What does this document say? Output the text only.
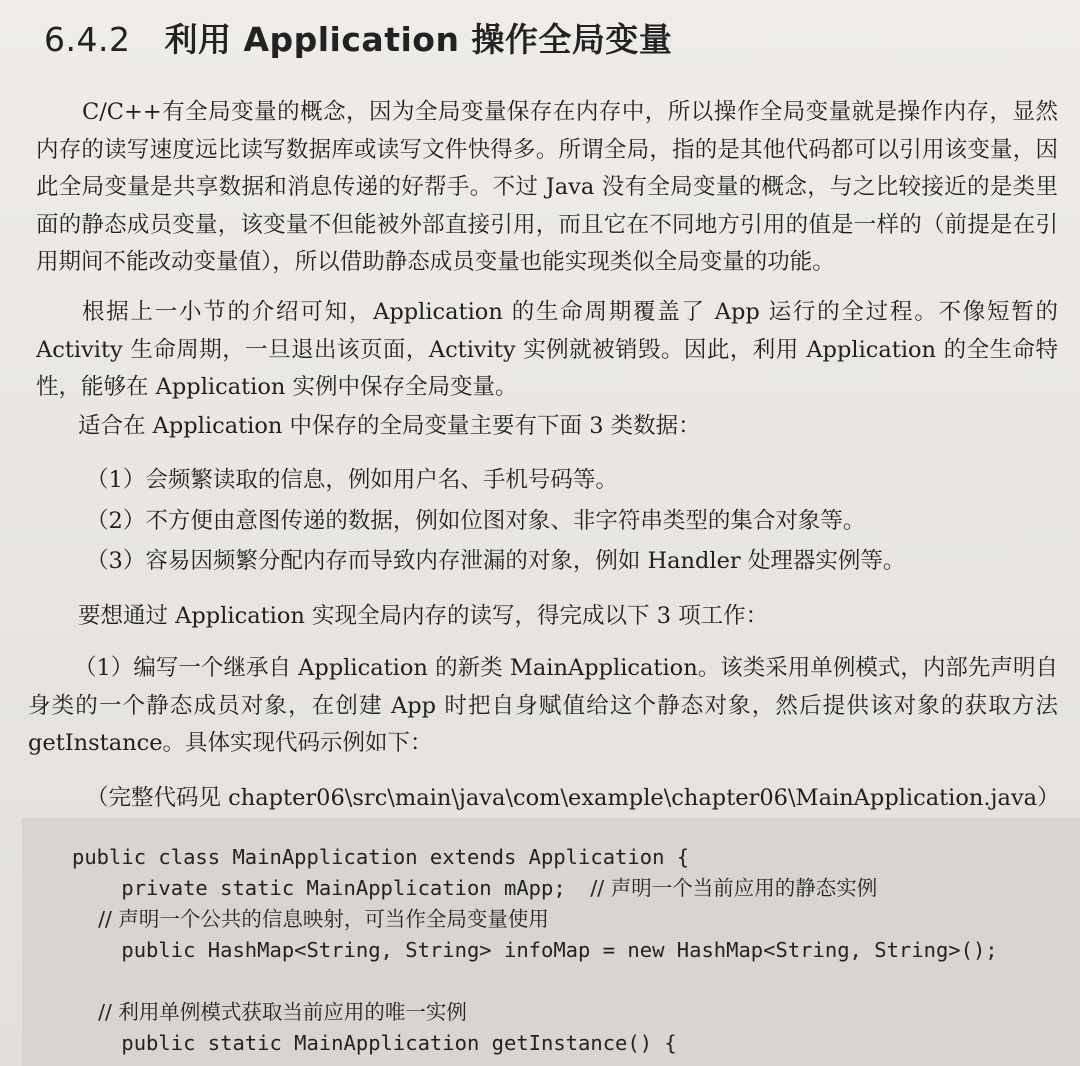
6.4.2 利用 Application 操作全局变量

C/C++有全局变量的概念，因为全局变量保存在内存中，所以操作全局变量就是操作内存，显然内存的读写速度远比读写数据库或读写文件快得多。所谓全局，指的是其他代码都可以引用该变量，因此全局变量是共享数据和消息传递的好帮手。不过 Java 没有全局变量的概念，与之比较接近的是类里面的静态成员变量，该变量不但能被外部直接引用，而且它在不同地方引用的值是一样的（前提是在引用期间不能改动变量值），所以借助静态成员变量也能实现类似全局变量的功能。

根据上一小节的介绍可知，Application 的生命周期覆盖了 App 运行的全过程。不像短暂的 Activity 生命周期，一旦退出该页面，Activity 实例就被销毁。因此，利用 Application 的全生命特性，能够在 Application 实例中保存全局变量。

适合在 Application 中保存的全局变量主要有下面 3 类数据：
（1）会频繁读取的信息，例如用户名、手机号码等。
（2）不方便由意图传递的数据，例如位图对象、非字符串类型的集合对象等。
（3）容易因频繁分配内存而导致内存泄漏的对象，例如 Handler 处理器实例等。
要想通过 Application 实现全局内存的读写，得完成以下 3 项工作：

（1）编写一个继承自 Application 的新类 MainApplication。该类采用单例模式，内部先声明自身类的一个静态成员对象，在创建 App 时把自身赋值给这个静态对象，然后提供该对象的获取方法 getInstance。具体实现代码示例如下：

（完整代码见 chapter06\src\main\java\com\example\chapter06\MainApplication.java）
public class MainApplication extends Application {
private static MainApplication mApp;  // 声明一个当前应用的静态实例
// 声明一个公共的信息映射，可当作全局变量使用
public HashMap<String, String> infoMap = new HashMap<String, String>();

// 利用单例模式获取当前应用的唯一实例
public static MainApplication getInstance() {
